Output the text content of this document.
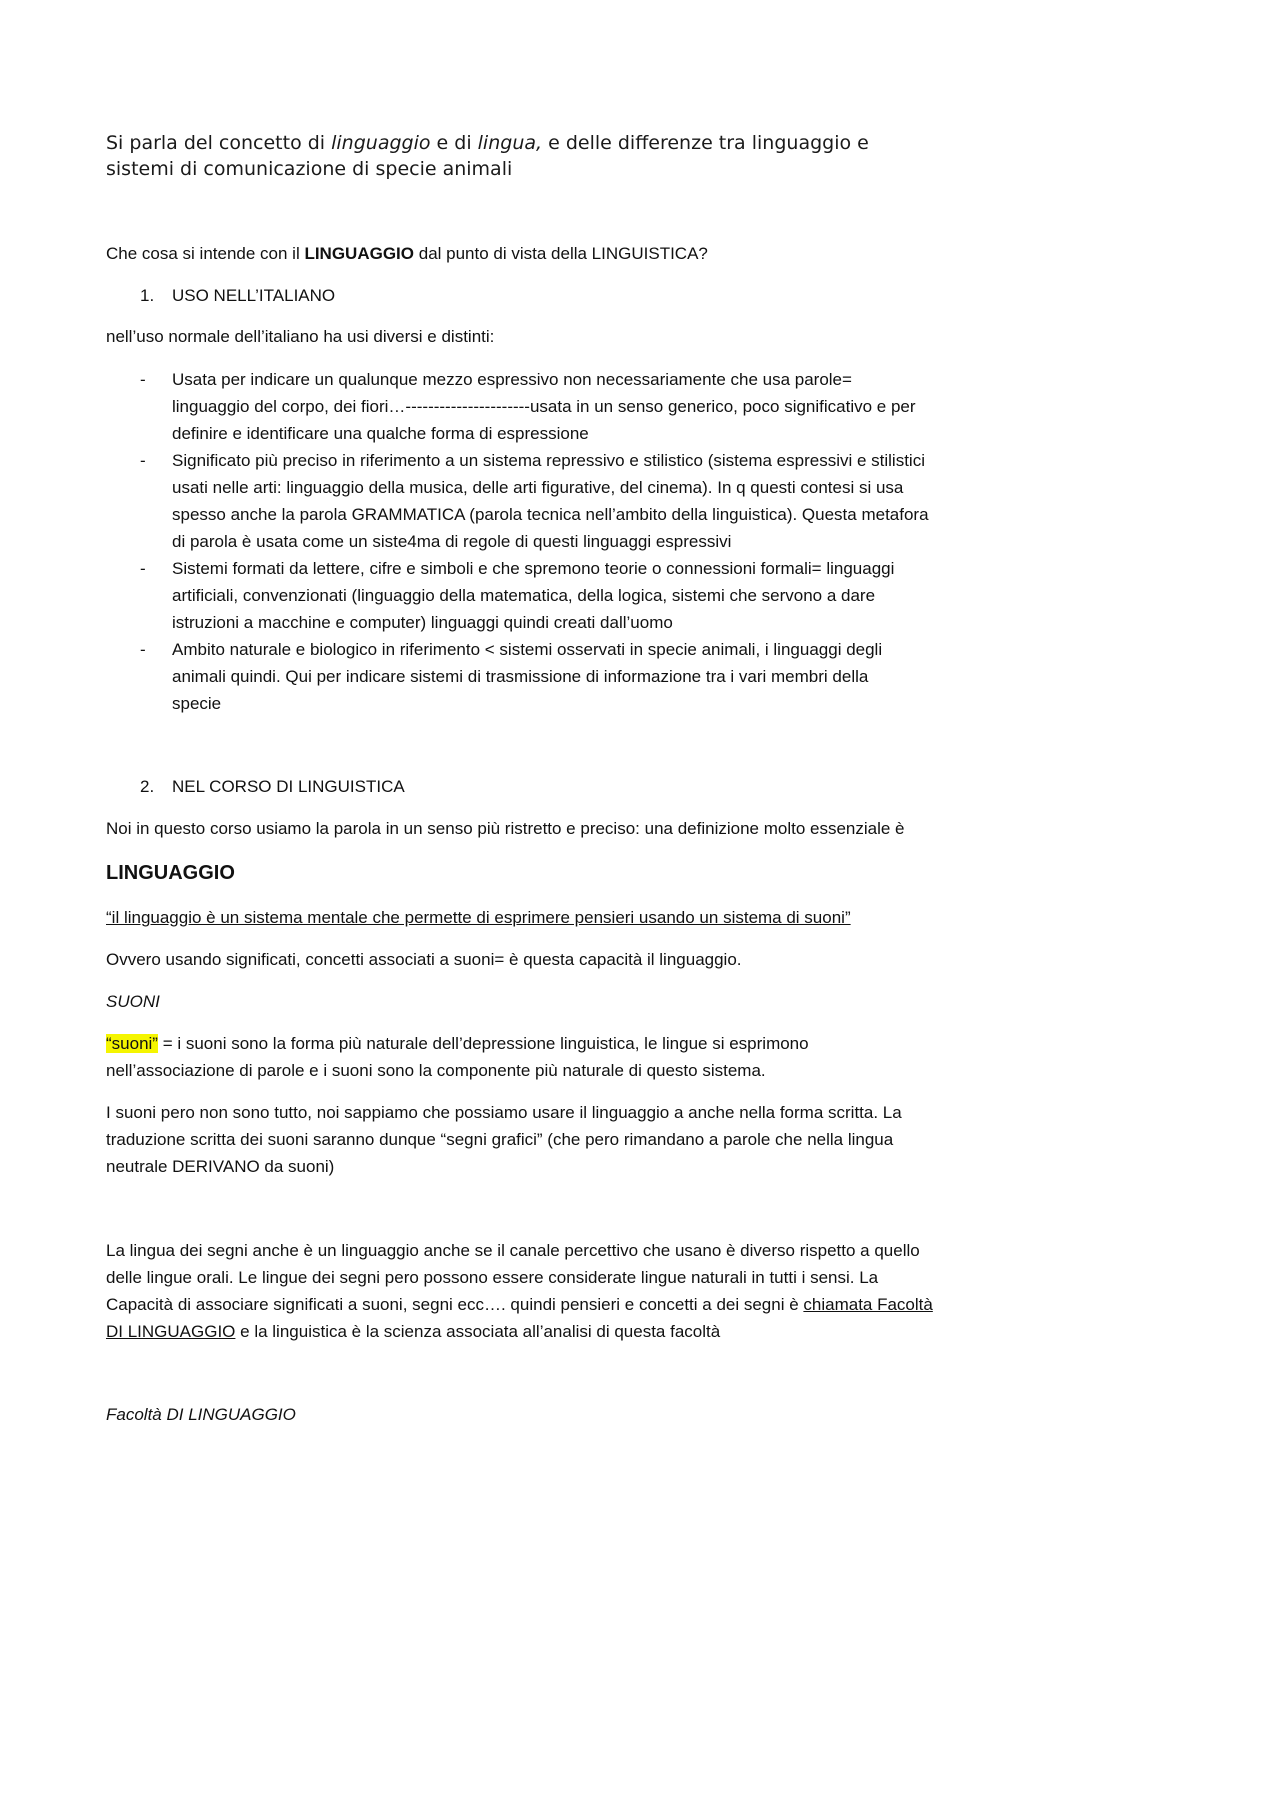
Si parla del concetto di linguaggio e di lingua, e delle differenze tra linguaggio e
sistemi di comunicazione di specie animali
Che cosa si intende con il LINGUAGGIO dal punto di vista della LINGUISTICA?
1. USO NELL’ITALIANO
nell’uso normale dell’italiano ha usi diversi e distinti:
- Usata per indicare un qualunque mezzo espressivo non necessariamente che usa parole=
linguaggio del corpo, dei fiori…----------------------usata in un senso generico, poco significativo e per
definire e identificare una qualche forma di espressione
- Significato più preciso in riferimento a un sistema repressivo e stilistico (sistema espressivi e stilistici
usati nelle arti: linguaggio della musica, delle arti figurative, del cinema). In q questi contesi si usa
spesso anche la parola GRAMMATICA (parola tecnica nell’ambito della linguistica). Questa metafora
di parola è usata come un siste4ma di regole di questi linguaggi espressivi
- Sistemi formati da lettere, cifre e simboli e che spremono teorie o connessioni formali= linguaggi
artificiali, convenzionati (linguaggio della matematica, della logica, sistemi che servono a dare
istruzioni a macchine e computer) linguaggi quindi creati dall’uomo
- Ambito naturale e biologico in riferimento < sistemi osservati in specie animali, i linguaggi degli
animali quindi. Qui per indicare sistemi di trasmissione di informazione tra i vari membri della
specie
2. NEL CORSO DI LINGUISTICA
Noi in questo corso usiamo la parola in un senso più ristretto e preciso: una definizione molto essenziale è
LINGUAGGIO
“il linguaggio è un sistema mentale che permette di esprimere pensieri usando un sistema di suoni”
Ovvero usando significati, concetti associati a suoni= è questa capacità il linguaggio.
SUONI
“suoni” = i suoni sono la forma più naturale dell’depressione linguistica, le lingue si esprimono
nell’associazione di parole e i suoni sono la componente più naturale di questo sistema.
I suoni pero non sono tutto, noi sappiamo che possiamo usare il linguaggio a anche nella forma scritta. La
traduzione scritta dei suoni saranno dunque “segni grafici” (che pero rimandano a parole che nella lingua
neutrale DERIVANO da suoni)
La lingua dei segni anche è un linguaggio anche se il canale percettivo che usano è diverso rispetto a quello
delle lingue orali. Le lingue dei segni pero possono essere considerate lingue naturali in tutti i sensi. La
Capacità di associare significati a suoni, segni ecc…. quindi pensieri e concetti a dei segni è chiamata Facoltà
DI LINGUAGGIO e la linguistica è la scienza associata all’analisi di questa facoltà
Facoltà DI LINGUAGGIO
